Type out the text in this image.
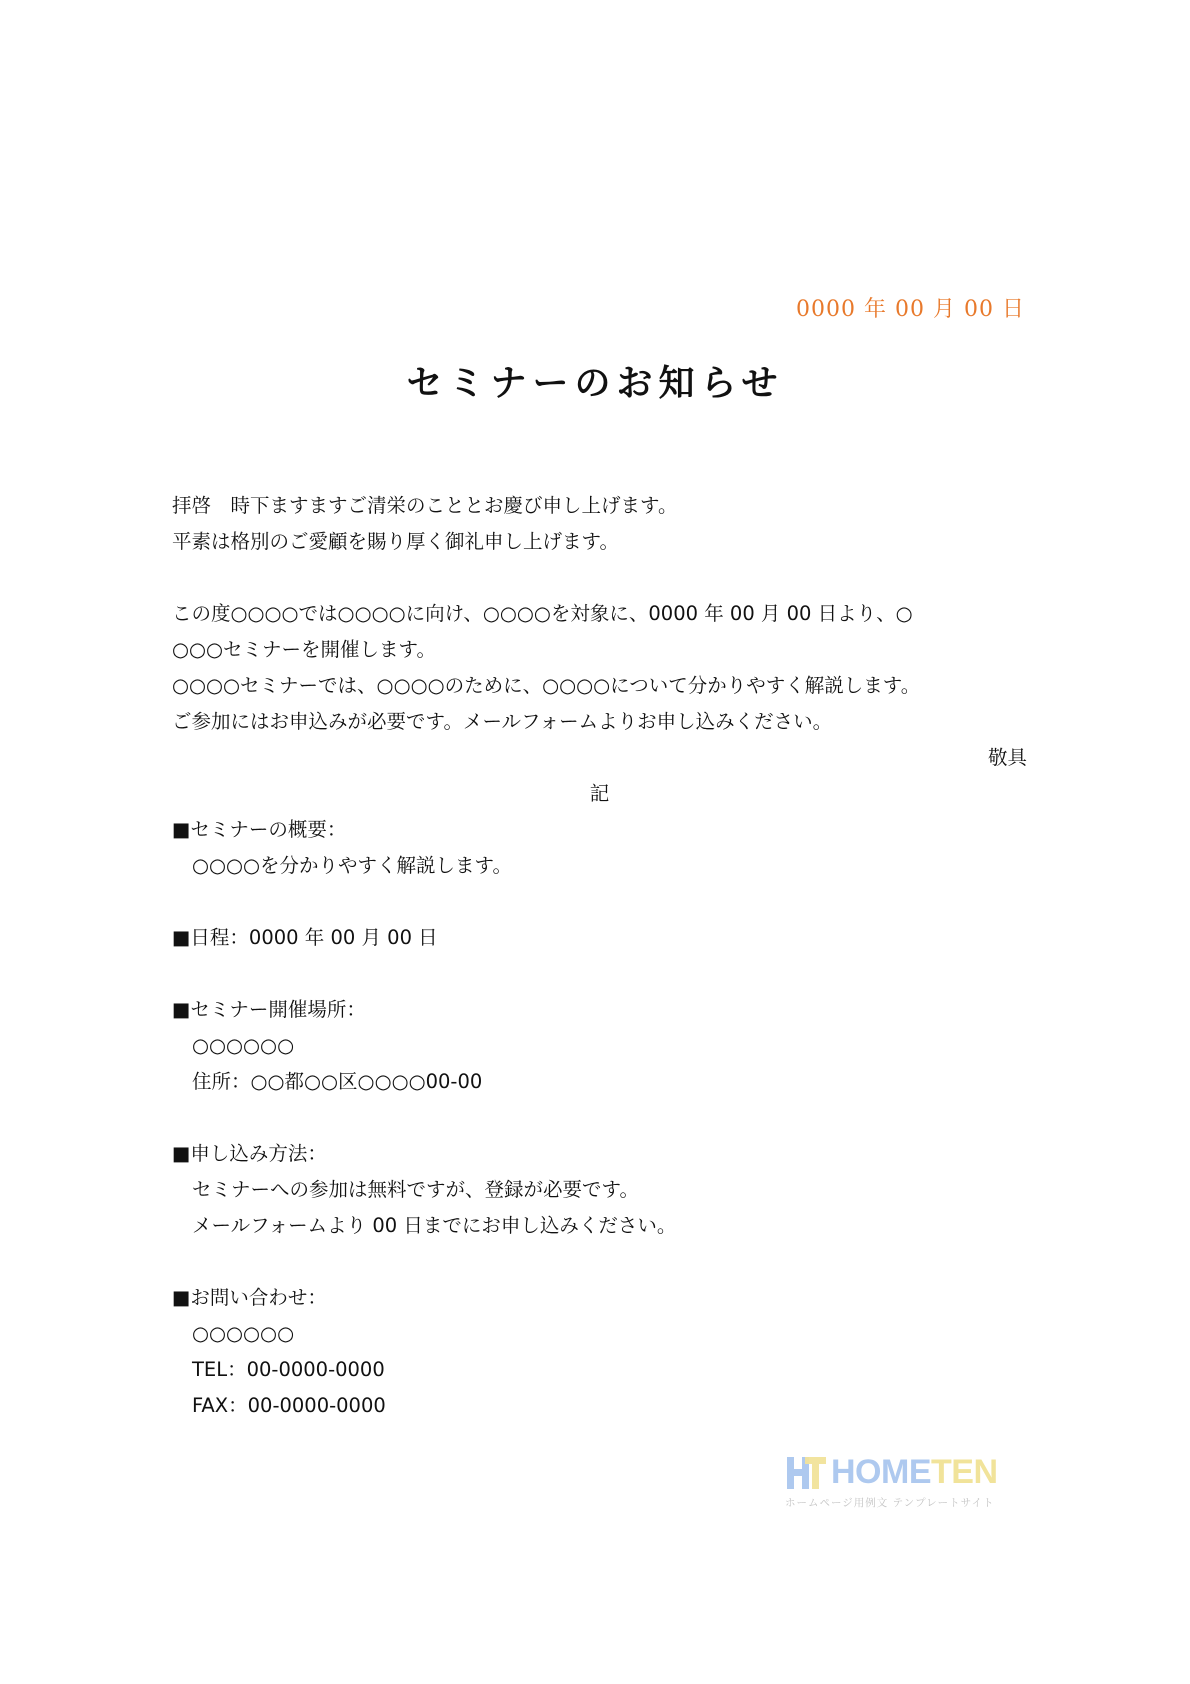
0000 年 00 月 00 日
セミナーのお知らせ
拝啓　時下ますますご清栄のこととお慶び申し上げます。
平素は格別のご愛顧を賜り厚く御礼申し上げます。
この度○○○○では○○○○に向け、○○○○を対象に、0000 年 00 月 00 日より、○
○○○セミナーを開催します。
○○○○セミナーでは、○○○○のために、○○○○について分かりやすく解説します。
ご参加にはお申込みが必要です。メールフォームよりお申し込みください。
敬具
記
■セミナーの概要：
○○○○を分かりやすく解説します。
■日程：0000 年 00 月 00 日
■セミナー開催場所：
○○○○○○
住所：○○都○○区○○○○00-00
■申し込み方法：
セミナーへの参加は無料ですが、登録が必要です。
メールフォームより 00 日までにお申し込みください。
■お問い合わせ：
○○○○○○
TEL：00-0000-0000
FAX：00-0000-0000
HOMETEN
ホームページ用例文 テンプレートサイト
